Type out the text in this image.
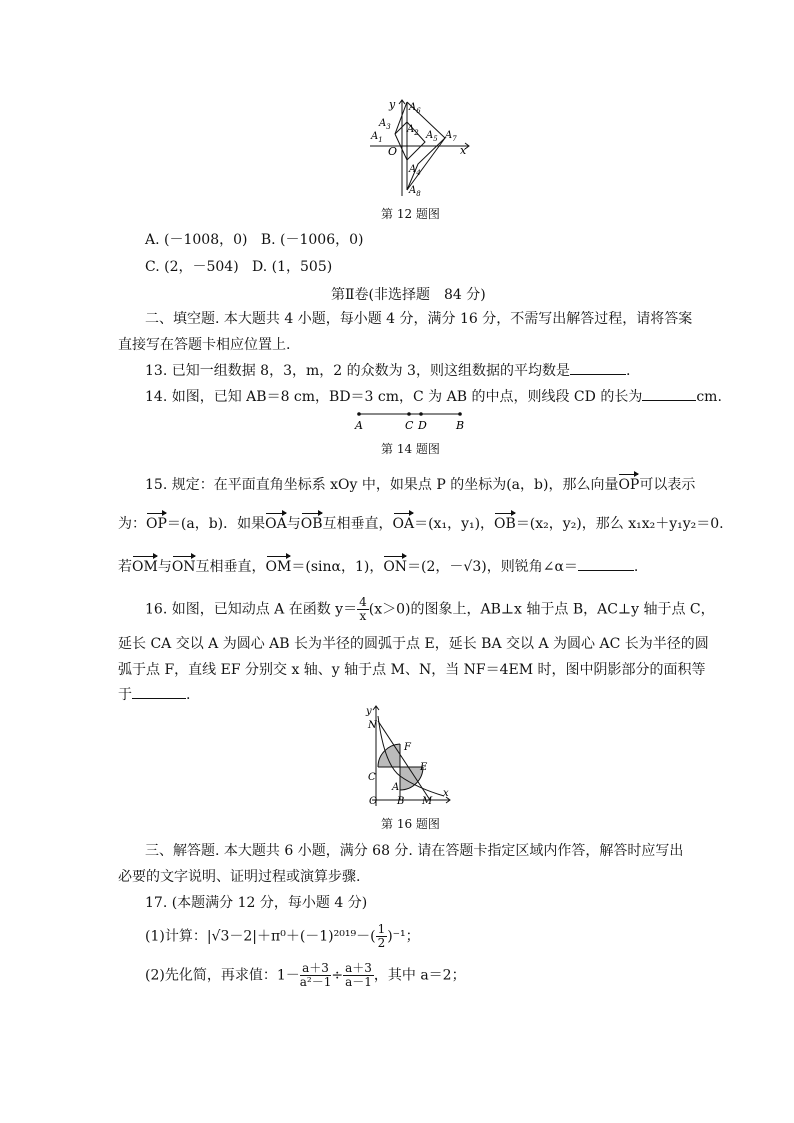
y
x
O
$A_6$
$A_3$
$A_1$
$A_2$ $A_5$
$A_4$
$A_8$
$A_7$
第 12 题图
A. (－1008，0) B. (－1006，0)
C. (2，－504) D. (1，505)
第Ⅱ卷(非选择题　84 分)
二、填空题. 本大题共 4 小题，每小题 4 分，满分 16 分，不需写出解答过程，请将答案
直接写在答题卡相应位置上.
13. 已知一组数据 8，3，m，2 的众数为 3，则这组数据的平均数是	.
14. 如图，已知 AB＝8 cm，BD＝3 cm，C 为 AB 的中点，则线段 CD 的长为	cm.
A	C D	B
第 14 题图
15. 规定：在平面直角坐标系 xOy 中，如果点 P 的坐标为(a，b)，那么向量OP可以表示
为：OP＝(a，b)．如果OA与OB互相垂直，OA＝(x₁，y₁)，OB＝(x₂，y₂)，那么 x₁x₂＋y₁y₂＝0.
若OM与ON互相垂直，OM＝(sinα，1)，ON＝(2，－√3)，则锐角∠α＝	.
16. 如图，已知动点 A 在函数 $y= \frac{4}{x} (x>0)$的图象上，AB⊥x 轴于点 B，AC⊥y 轴于点 C，
延长 CA 交以 A 为圆心 AB 长为半径的圆弧于点 E，延长 BA 交以 A 为圆心 AC 长为半径的圆
弧于点 F，直线 EF 分别交 x 轴、y 轴于点 M、N，当 NF＝4EM 时，图中阴影部分的面积等
于	.
N
F
E
C
A
O B M
x
y
第 16 题图
三、解答题. 本大题共 6 小题，满分 68 分. 请在答题卡指定区域内作答，解答时应写出
必要的文字说明、证明过程或演算步骤.
17. (本题满分 12 分，每小题 4 分)
(1)计算：$|√3-2|+\pi^0+(-1)^{2019}-( \frac{1}{2} )^{-1}$；
(2)先化简，再求值：$1- \frac{a+3}{\text{a²－1}} \div \frac{a+3}{a-1}$ ，其中 a＝2；
